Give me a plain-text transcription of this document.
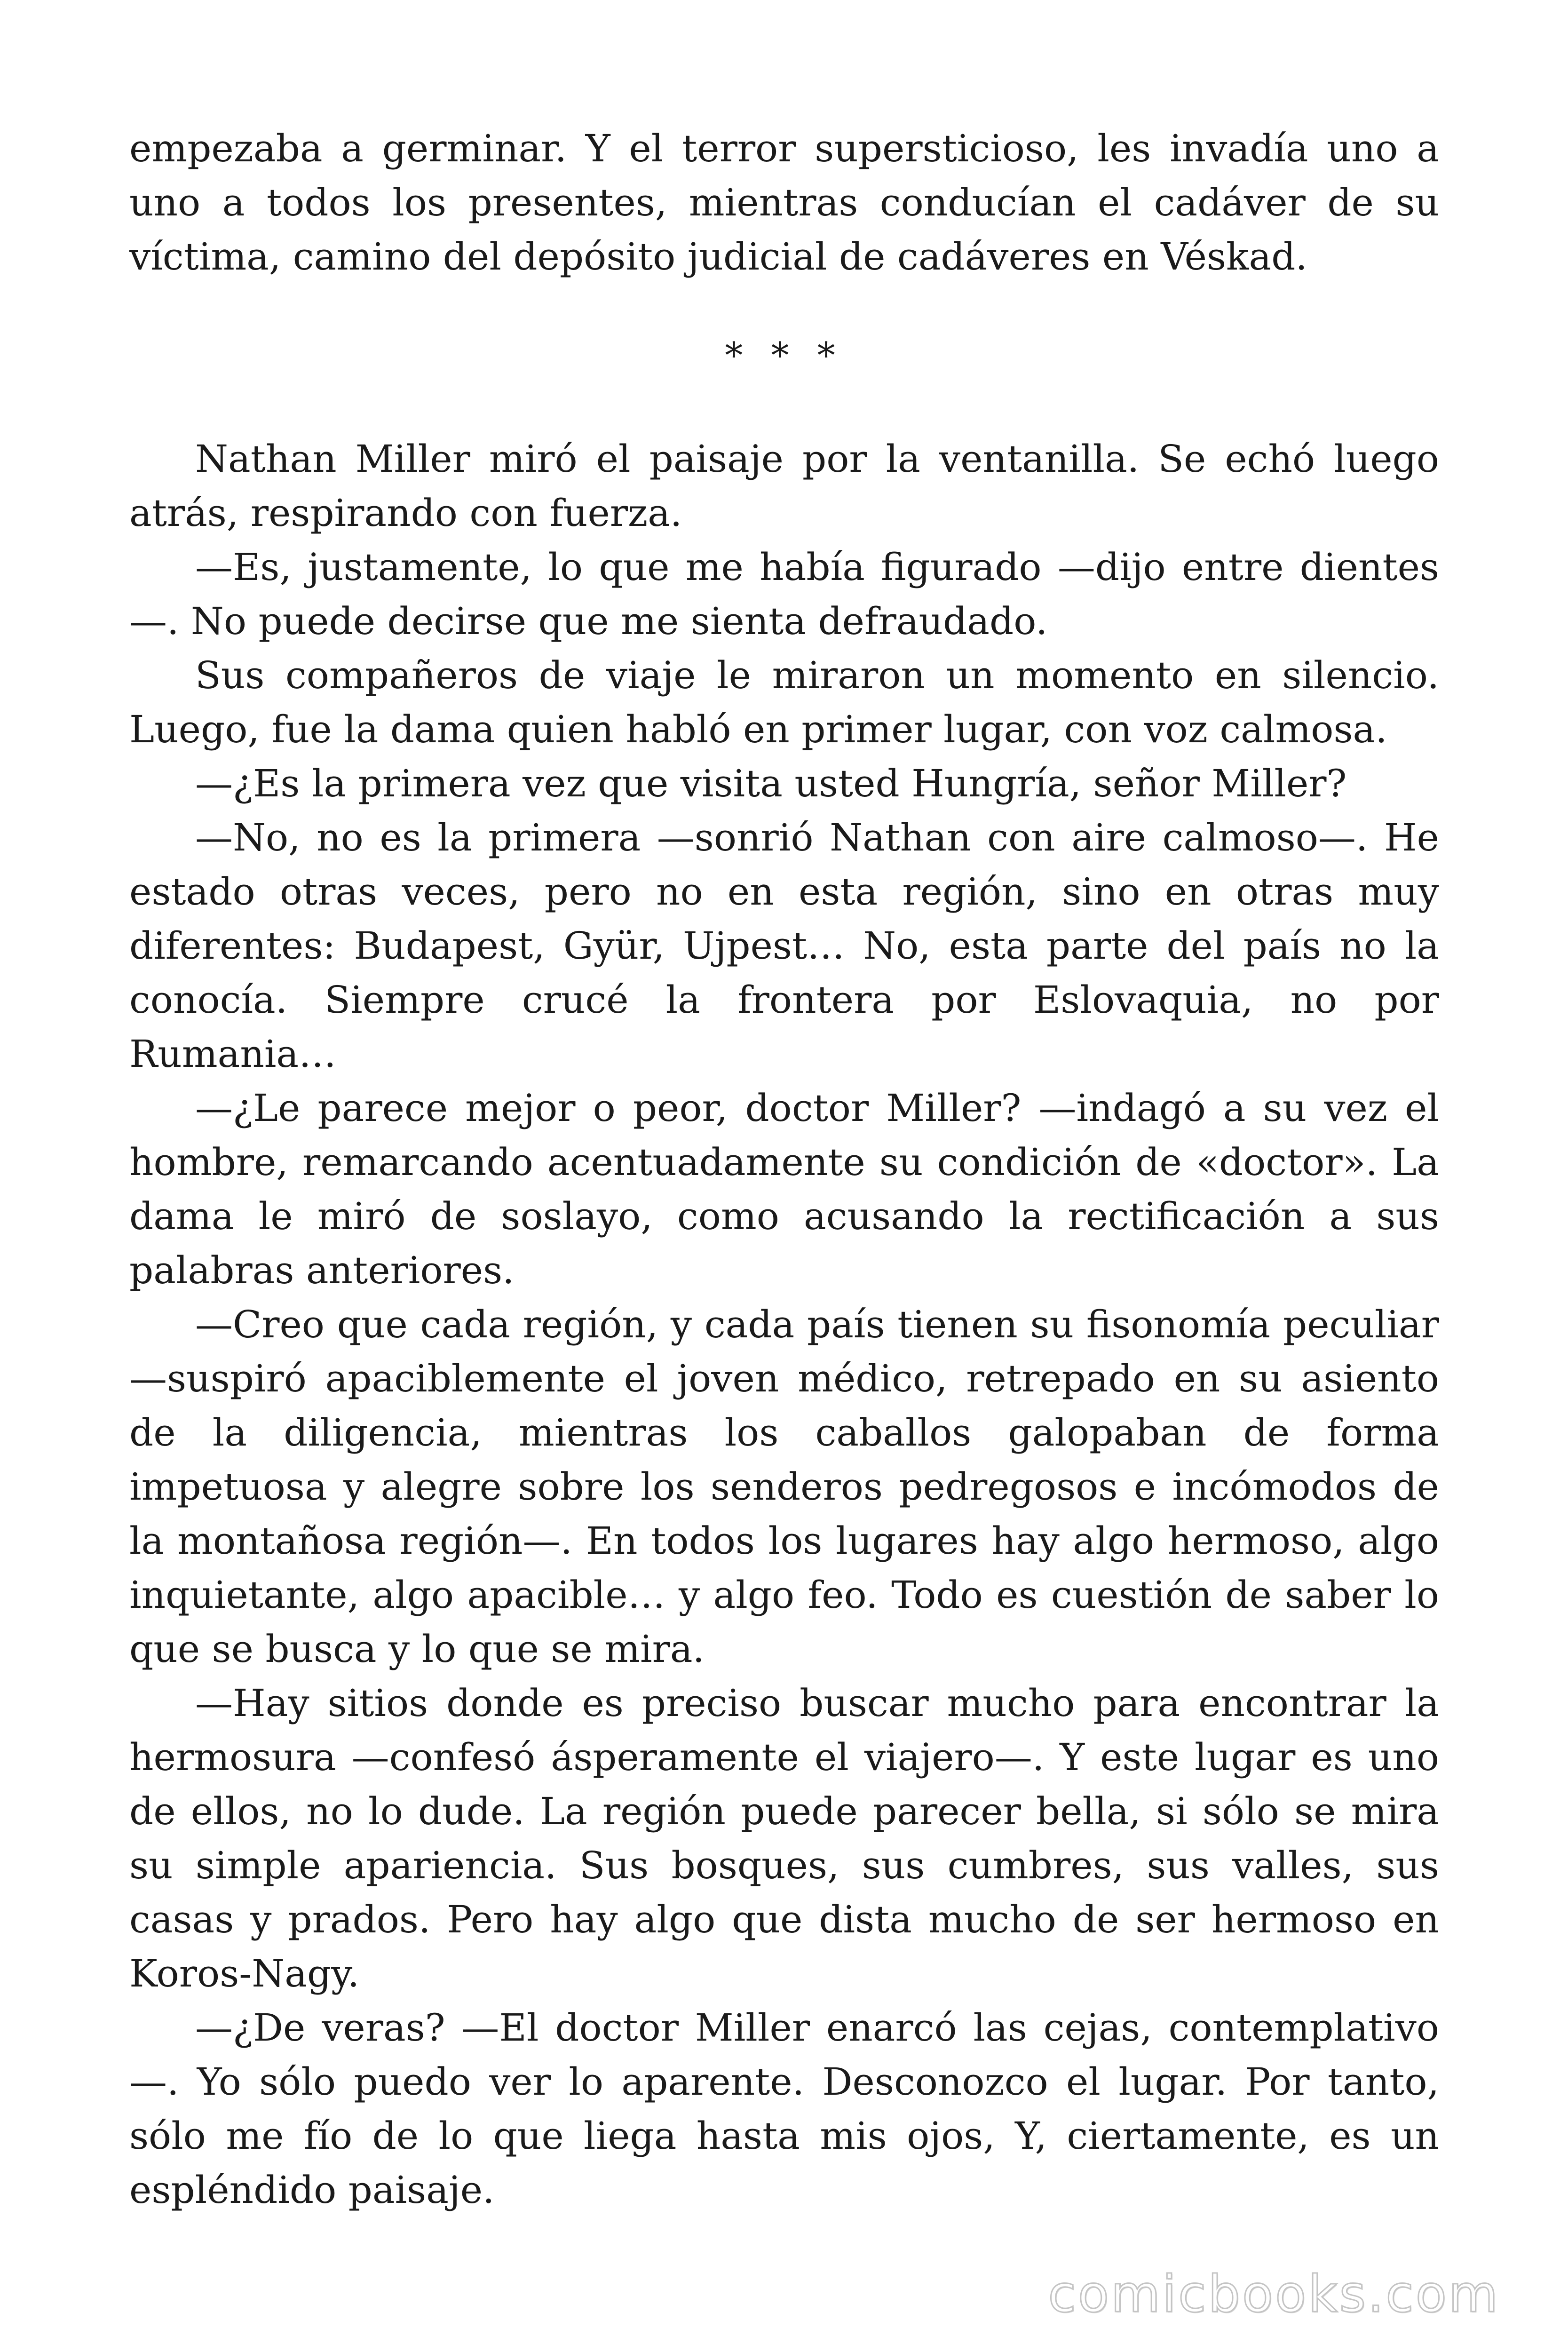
empezaba a germinar. Y el terror supersticioso, les invadía uno a uno a todos los presentes, mientras conducían el cadáver de su víctima, camino del depósito judicial de cadáveres en Véskad.

* * *

Nathan Miller miró el paisaje por la ventanilla. Se echó luego atrás, respirando con fuerza.

—Es, justamente, lo que me había figurado —dijo entre dientes —. No puede decirse que me sienta defraudado.

Sus compañeros de viaje le miraron un momento en silencio. Luego, fue la dama quien habló en primer lugar, con voz calmosa.

—¿Es la primera vez que visita usted Hungría, señor Miller?

—No, no es la primera —sonrió Nathan con aire calmoso—. He estado otras veces, pero no en esta región, sino en otras muy diferentes: Budapest, Gyür, Ujpest… No, esta parte del país no la conocía. Siempre crucé la frontera por Eslovaquia, no por Rumania…

—¿Le parece mejor o peor, doctor Miller? —indagó a su vez el hombre, remarcando acentuadamente su condición de «doctor». La dama le miró de soslayo, como acusando la rectificación a sus palabras anteriores.

—Creo que cada región, y cada país tienen su fisonomía peculiar —suspiró apaciblemente el joven médico, retrepado en su asiento de la diligencia, mientras los caballos galopaban de forma impetuosa y alegre sobre los senderos pedregosos e incómodos de la montañosa región—. En todos los lugares hay algo hermoso, algo inquietante, algo apacible… y algo feo. Todo es cuestión de saber lo que se busca y lo que se mira.

—Hay sitios donde es preciso buscar mucho para encontrar la hermosura —confesó ásperamente el viajero—. Y este lugar es uno de ellos, no lo dude. La región puede parecer bella, si sólo se mira su simple apariencia. Sus bosques, sus cumbres, sus valles, sus casas y prados. Pero hay algo que dista mucho de ser hermoso en Koros-Nagy.

—¿De veras? —El doctor Miller enarcó las cejas, contemplativo —. Yo sólo puedo ver lo aparente. Desconozco el lugar. Por tanto, sólo me fío de lo que liega hasta mis ojos, Y, ciertamente, es un espléndido paisaje.

comicbooks.com
